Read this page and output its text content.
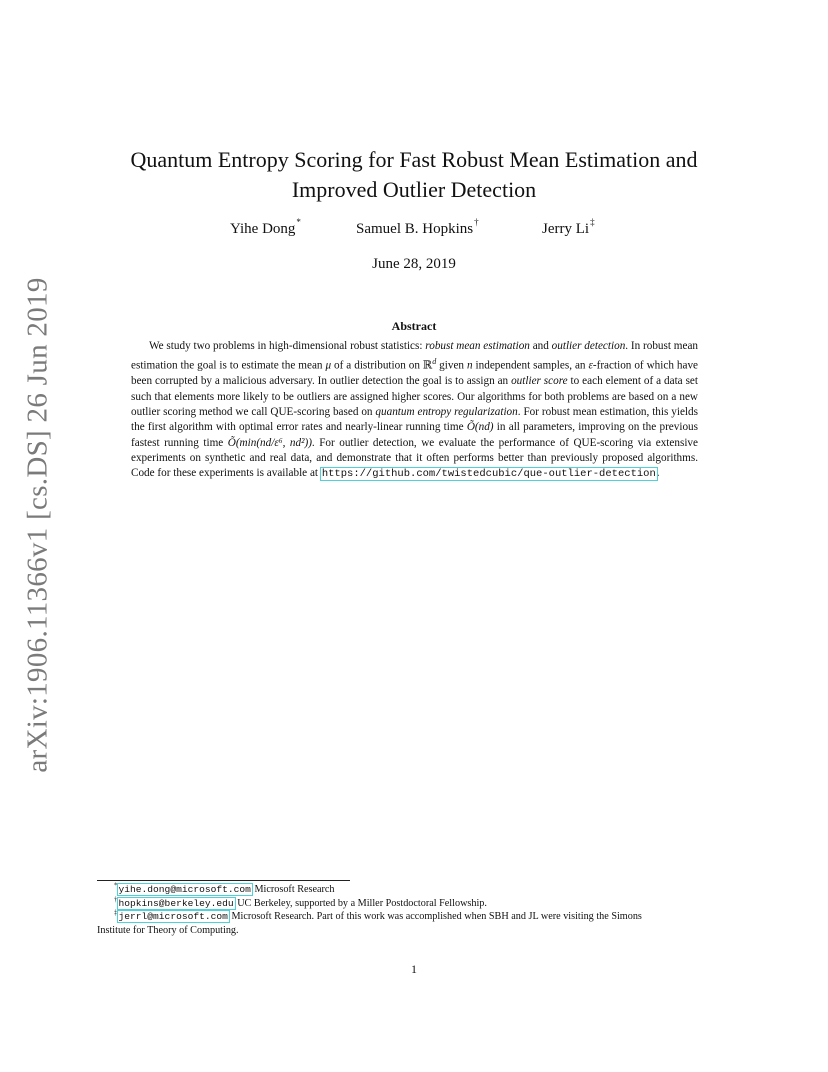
arXiv:1906.11366v1 [cs.DS] 26 Jun 2019
Quantum Entropy Scoring for Fast Robust Mean Estimation and
Improved Outlier Detection
Yihe Dong*	Samuel B. Hopkins†	Jerry Li‡
June 28, 2019
Abstract

We study two problems in high-dimensional robust statistics: robust mean estimation and outlier detection. In robust mean estimation the goal is to estimate the mean μ of a distribution on ℝ$^d$ given n independent samples, an ε-fraction of which have been corrupted by a malicious adversary. In outlier detection the goal is to assign an outlier score to each element of a data set such that elements more likely to be outliers are assigned higher scores. Our algorithms for both problems are based on a new outlier scoring method we call QUE-scoring based on quantum entropy regularization. For robust mean estimation, this yields the first algorithm with optimal error rates and nearly-linear running time Õ(nd) in all parameters, improving on the previous fastest running time Õ(min(nd/ε⁶, nd²)). For outlier detection, we evaluate the performance of QUE-scoring via extensive experiments on synthetic and real data, and demonstrate that it often performs better than previously proposed algorithms. Code for these experiments is available at https://github.com/twistedcubic/que-outlier-detection.

*yihe.dong@microsoft.com Microsoft Research
†hopkins@berkeley.edu UC Berkeley, supported by a Miller Postdoctoral Fellowship.
‡jerrl@microsoft.com Microsoft Research. Part of this work was accomplished when SBH and JL were visiting the Simons
Institute for Theory of Computing.
1
